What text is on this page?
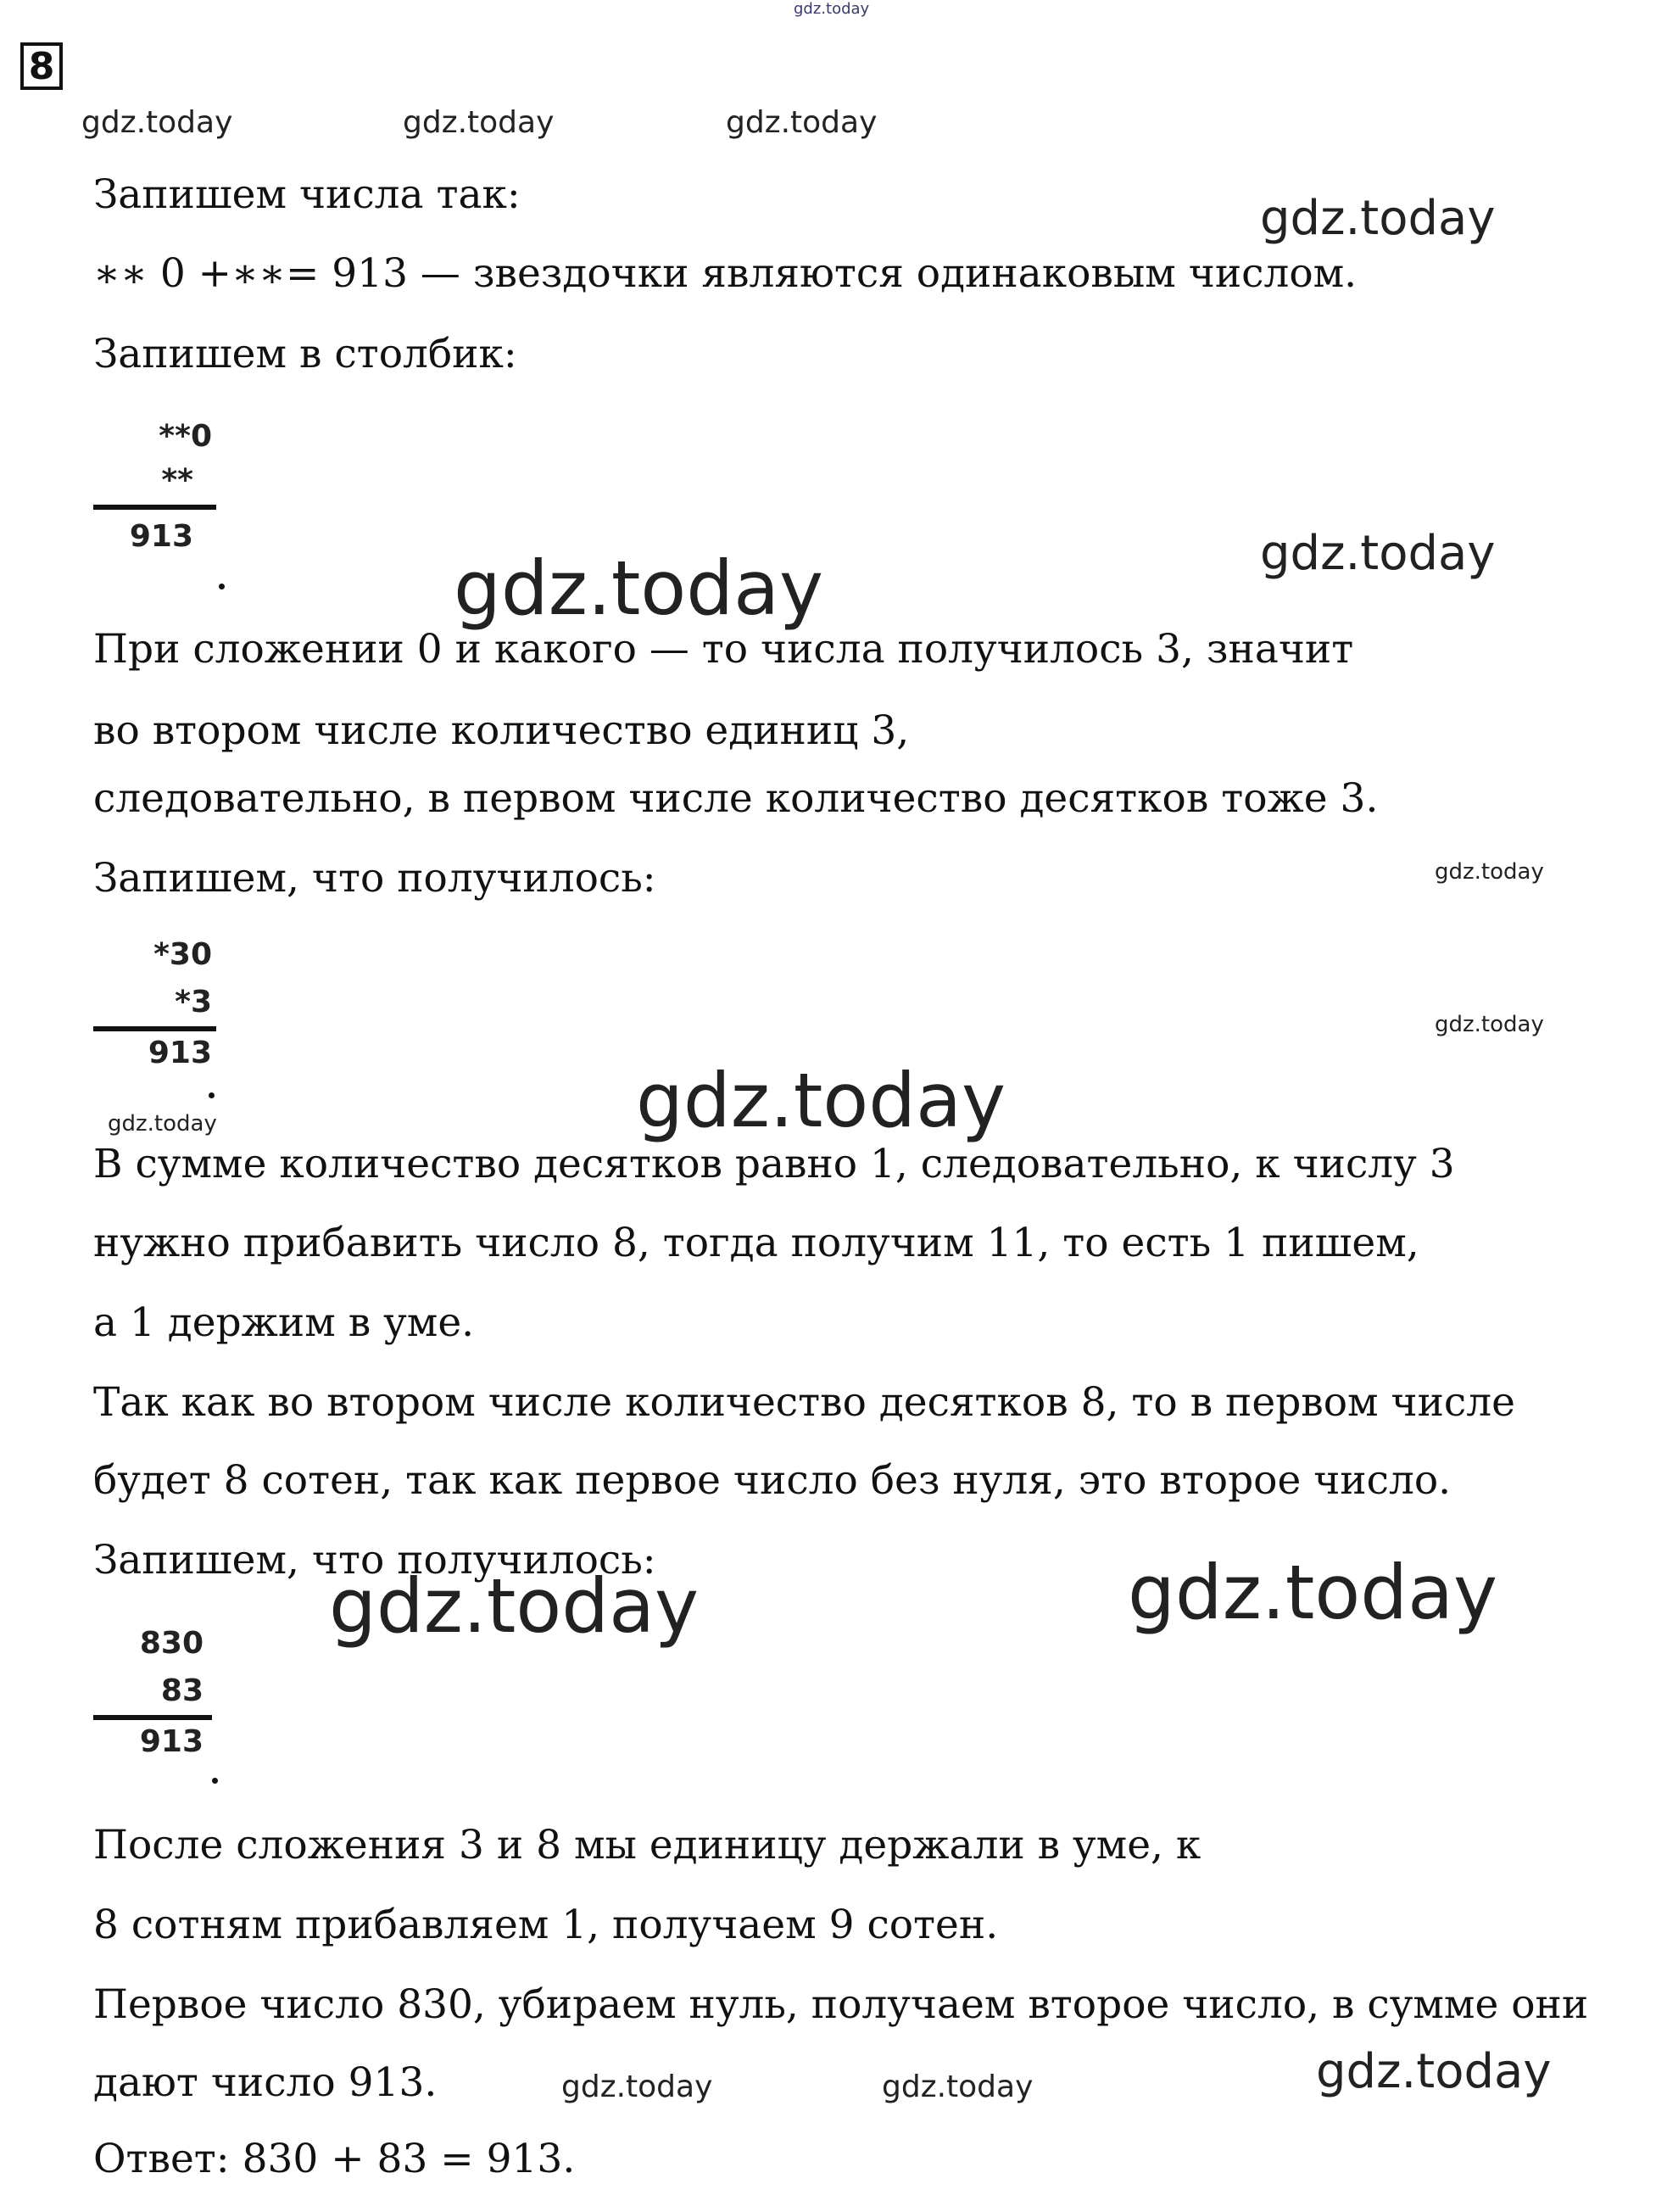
gdz.today
8
gdz.today	gdz.today	gdz.today

Запишем числа так:	gdz.today

∗∗ 0 +∗∗= 913 — звездочки являются одинаковым числом.

Запишем в столбик:

**0
**
913	gdz.today
gdz.today

При сложении 0 и какого — то числа получилось 3, значит

во втором числе количество единиц 3,

следовательно, в первом числе количество десятков тоже 3.

Запишем, что получилось:	gdz.today
*30
*3
913
gdz.today
gdz.today	gdz.today

В сумме количество десятков равно 1, следовательно, к числу 3

нужно прибавить число 8, тогда получим 11, то есть 1 пишем,

а 1 держим в уме.

Так как во втором числе количество десятков 8, то в первом числе

будет 8 сотен, так как первое число без нуля, это второе число.

Запишем, что получилось:

830
83
913
gdz.today	gdz.today

После сложения 3 и 8 мы единицу держали в уме, к

8 сотням прибавляем 1, получаем 9 сотен.

Первое число 830, убираем нуль, получаем второе число, в сумме они

дают число 913.	gdz.today	gdz.today	gdz.today

Ответ: 830 + 83 = 913.
